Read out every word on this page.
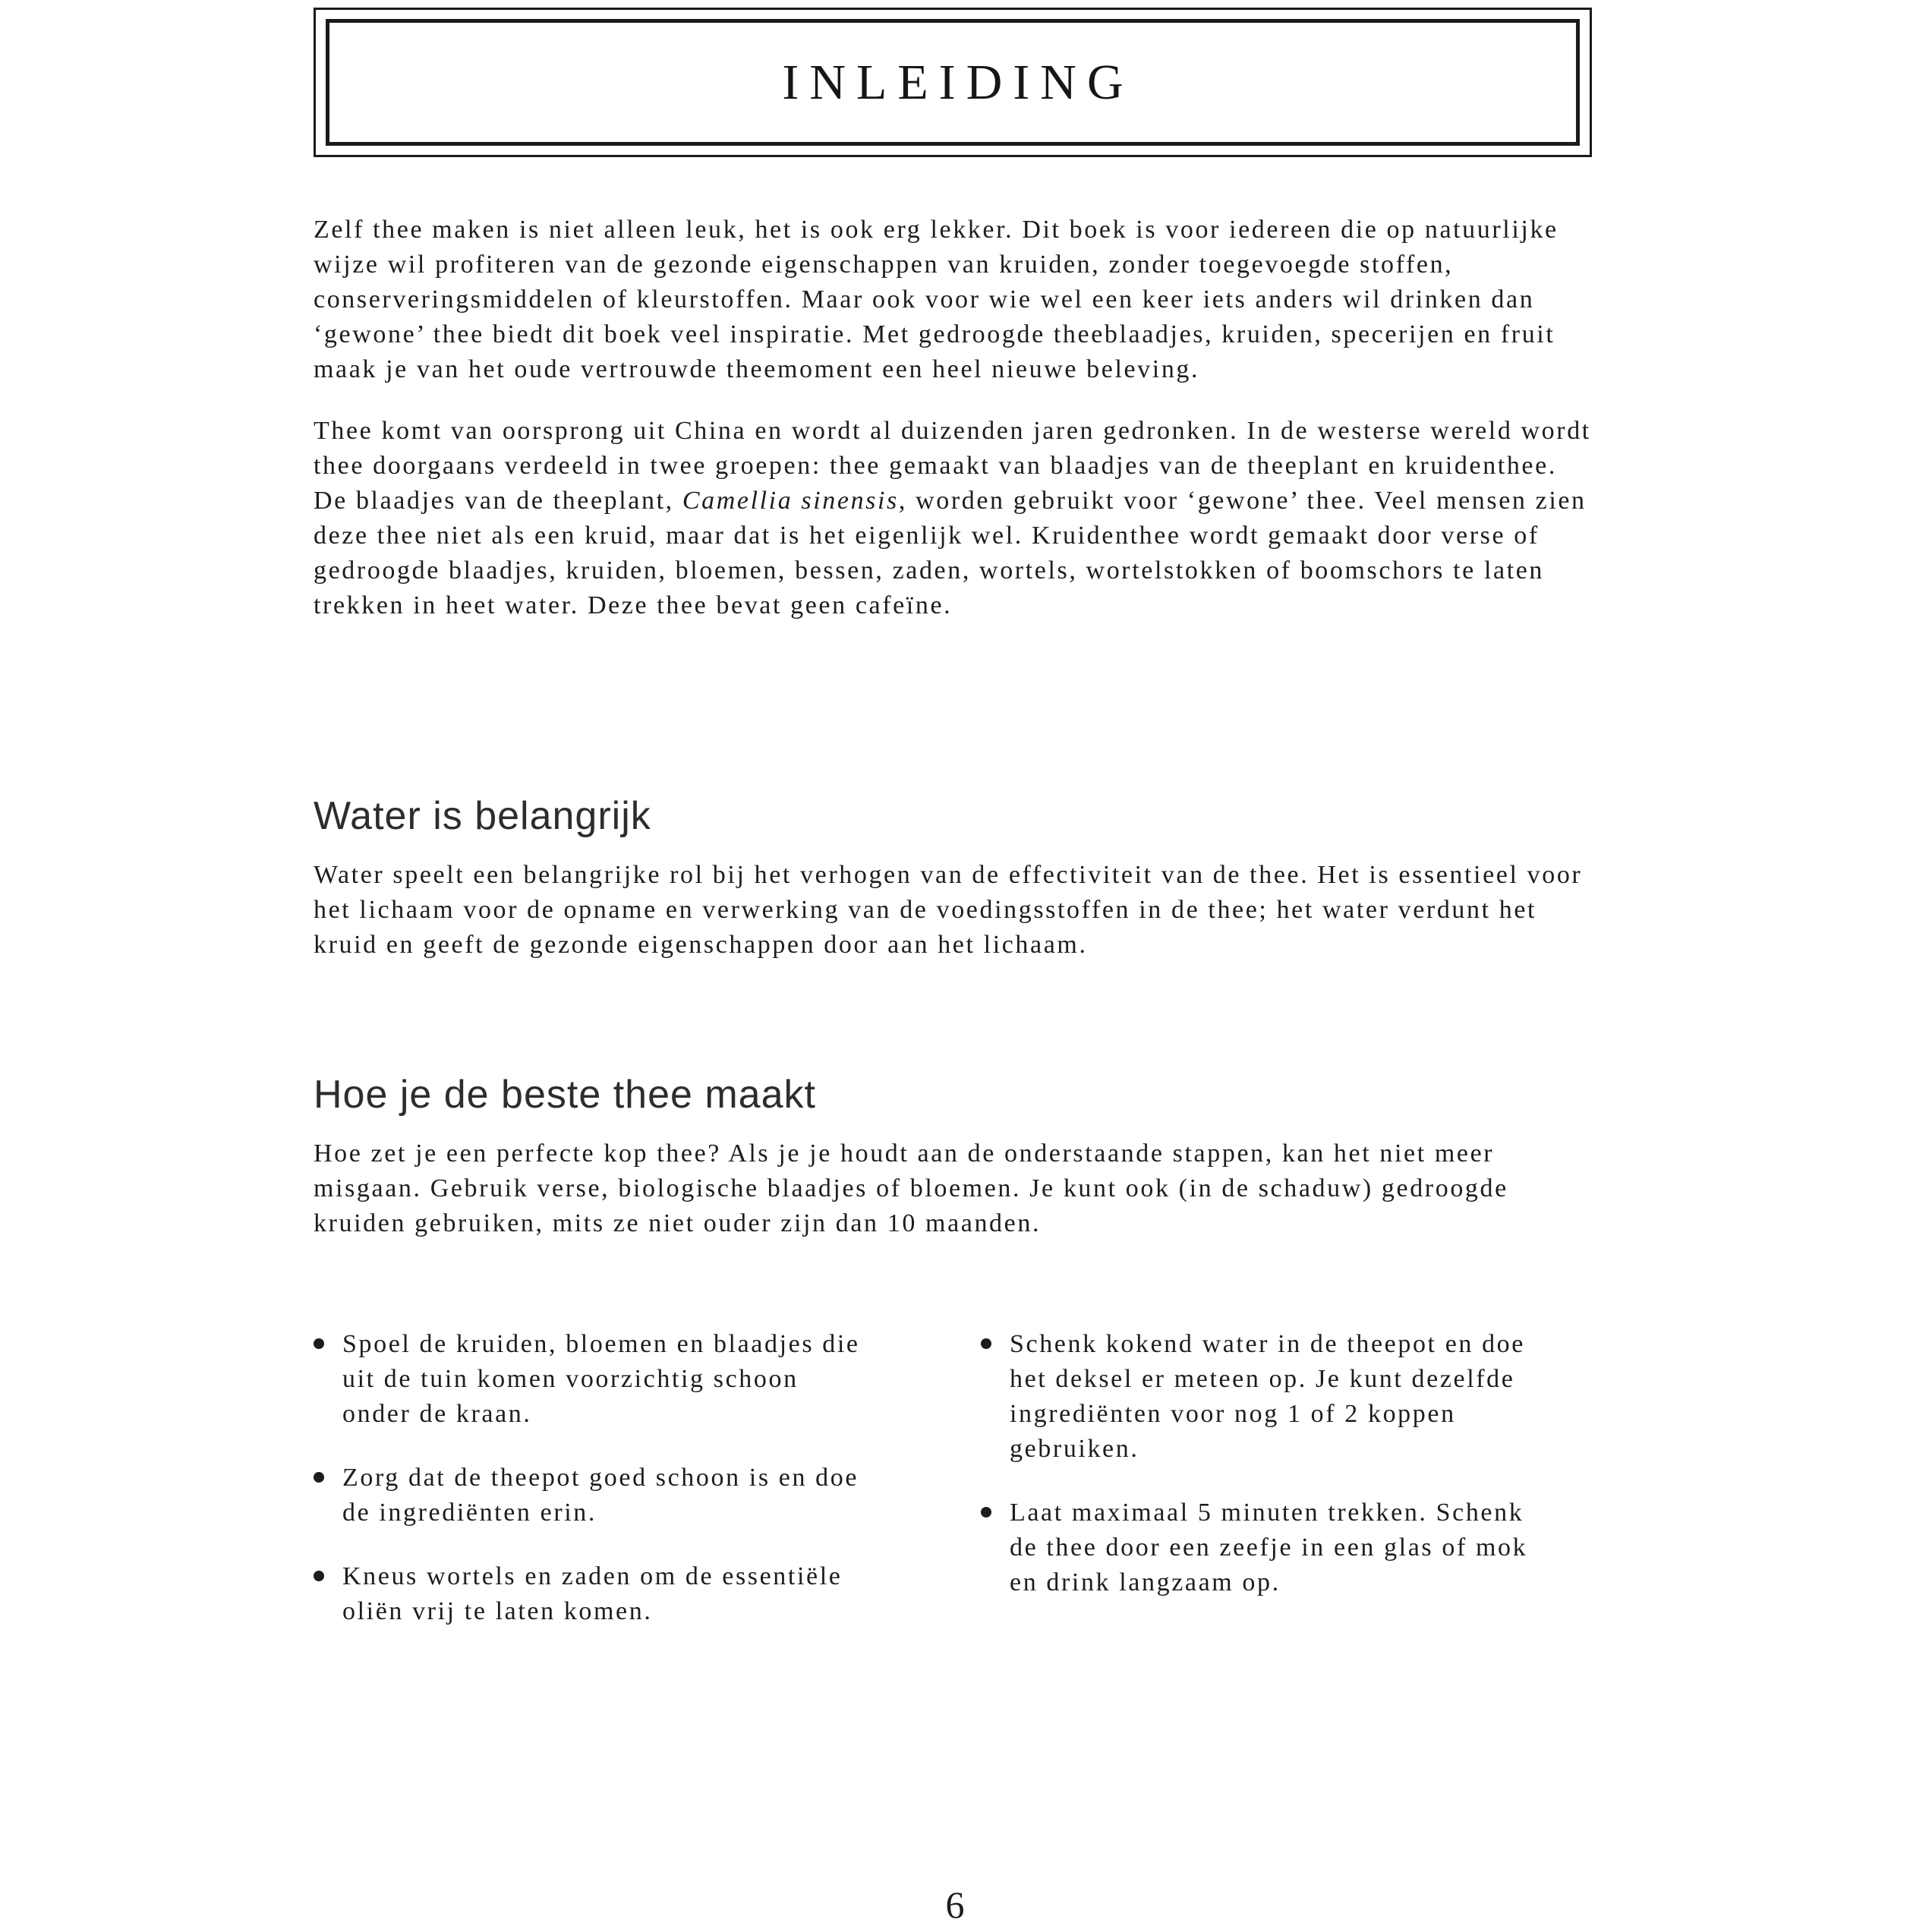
INLEIDING

Zelf thee maken is niet alleen leuk, het is ook erg lekker. Dit boek is voor iedereen die op natuurlijke wijze wil profiteren van de gezonde eigenschappen van kruiden, zonder toegevoegde stoffen, conserveringsmiddelen of kleurstoffen. Maar ook voor wie wel een keer iets anders wil drinken dan ‘gewone’ thee biedt dit boek veel inspiratie. Met gedroogde theeblaadjes, kruiden, specerijen en fruit maak je van het oude vertrouwde theemoment een heel nieuwe beleving.

Thee komt van oorsprong uit China en wordt al duizenden jaren gedronken. In de westerse wereld wordt thee doorgaans verdeeld in twee groepen: thee gemaakt van blaadjes van de theeplant en kruidenthee. De blaadjes van de theeplant, Camellia sinensis, worden gebruikt voor ‘gewone’ thee. Veel mensen zien deze thee niet als een kruid, maar dat is het eigenlijk wel. Kruidenthee wordt gemaakt door verse of gedroogde blaadjes, kruiden, bloemen, bessen, zaden, wortels, wortelstokken of boomschors te laten trekken in heet water. Deze thee bevat geen cafeïne.

Water is belangrijk

Water speelt een belangrijke rol bij het verhogen van de effectiviteit van de thee. Het is essentieel voor het lichaam voor de opname en verwerking van de voedingsstoffen in de thee; het water verdunt het kruid en geeft de gezonde eigenschappen door aan het lichaam.

Hoe je de beste thee maakt

Hoe zet je een perfecte kop thee? Als je je houdt aan de onderstaande stappen, kan het niet meer misgaan. Gebruik verse, biologische blaadjes of bloemen. Je kunt ook (in de schaduw) gedroogde kruiden gebruiken, mits ze niet ouder zijn dan 10 maanden.

Spoel de kruiden, bloemen en blaadjes die uit de tuin komen voorzichtig schoon onder de kraan.
Zorg dat de theepot goed schoon is en doe de ingrediënten erin.
Kneus wortels en zaden om de essentiële oliën vrij te laten komen.
Schenk kokend water in de theepot en doe het deksel er meteen op. Je kunt dezelfde ingrediënten voor nog 1 of 2 koppen gebruiken.
Laat maximaal 5 minuten trekken. Schenk de thee door een zeefje in een glas of mok en drink langzaam op.
6
